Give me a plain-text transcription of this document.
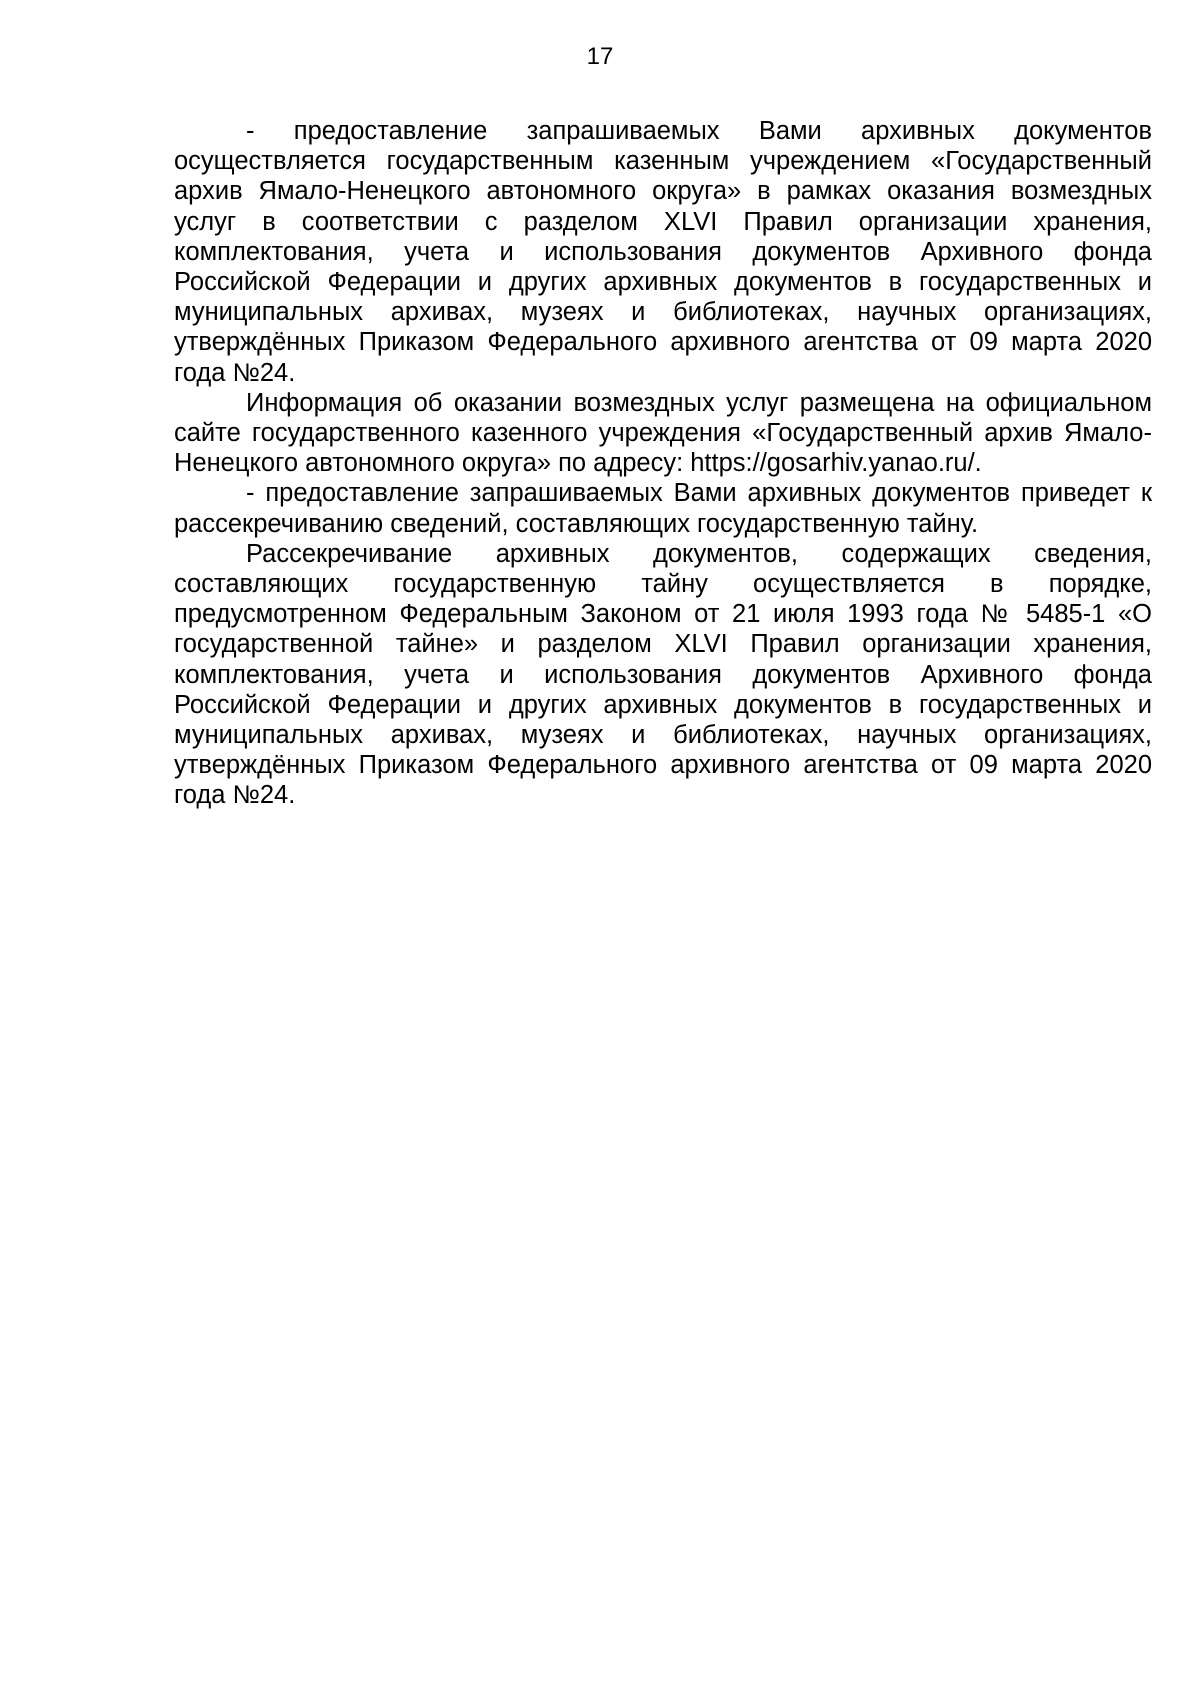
17

- предоставление запрашиваемых Вами архивных документов осуществляется государственным казенным учреждением «Государственный архив Ямало-Ненецкого автономного округа» в рамках оказания возмездных услуг в соответствии с разделом XLVI Правил организации хранения, комплектования, учета и использования документов Архивного фонда Российской Федерации и других архивных документов в государственных и муниципальных архивах, музеях и библиотеках, научных организациях, утверждённых Приказом Федерального архивного агентства от 09 марта 2020 года №24.

Информация об оказании возмездных услуг размещена на официальном сайте государственного казенного учреждения «Государственный архив Ямало-Ненецкого автономного округа» по адресу: https://gosarhiv.yanao.ru/.

- предоставление запрашиваемых Вами архивных документов приведет к рассекречиванию сведений, составляющих государственную тайну.

Рассекречивание архивных документов, содержащих сведения, составляющих государственную тайну осуществляется в порядке, предусмотренном Федеральным Законом от 21 июля 1993 года № 5485-1 «О государственной тайне» и разделом XLVI Правил организации хранения, комплектования, учета и использования документов Архивного фонда Российской Федерации и других архивных документов в государственных и муниципальных архивах, музеях и библиотеках, научных организациях, утверждённых Приказом Федерального архивного агентства от 09 марта 2020 года №24.
